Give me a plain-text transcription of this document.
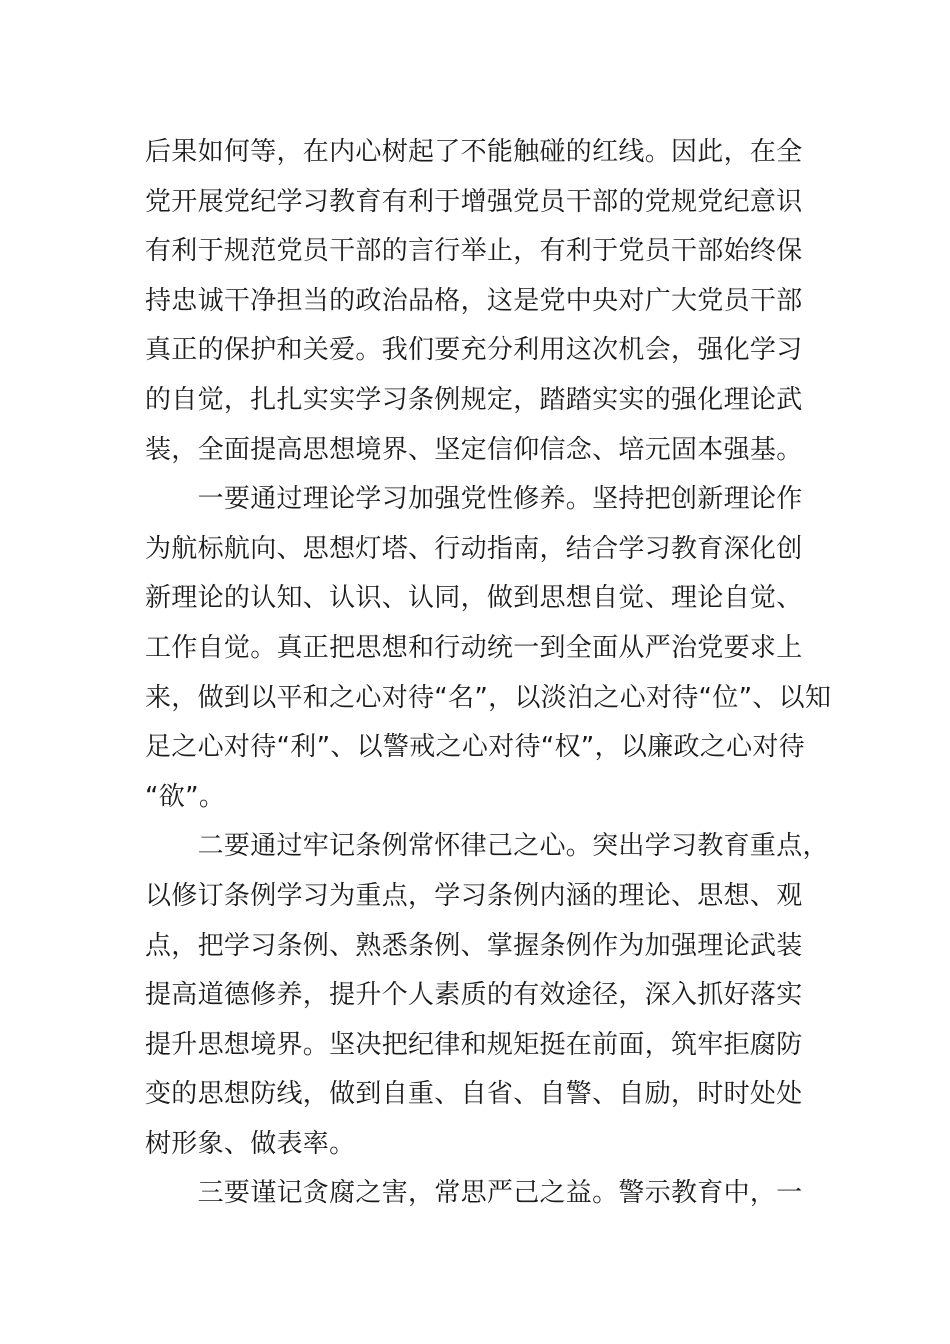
后果如何等，在内心树起了不能触碰的红线。因此，在全
党开展党纪学习教育有利于增强党员干部的党规党纪意识
有利于规范党员干部的言行举止，有利于党员干部始终保
持忠诚干净担当的政治品格，这是党中央对广大党员干部
真正的保护和关爱。我们要充分利用这次机会，强化学习
的自觉，扎扎实实学习条例规定，踏踏实实的强化理论武
装，全面提高思想境界、坚定信仰信念、培元固本强基。
　　一要通过理论学习加强党性修养。坚持把创新理论作
为航标航向、思想灯塔、行动指南，结合学习教育深化创
新理论的认知、认识、认同，做到思想自觉、理论自觉、
工作自觉。真正把思想和行动统一到全面从严治党要求上
来，做到以平和之心对待“名”，以淡泊之心对待“位”、以知
足之心对待“利”、以警戒之心对待“权”，以廉政之心对待
“欲”。
　　二要通过牢记条例常怀律己之心。突出学习教育重点，
以修订条例学习为重点，学习条例内涵的理论、思想、观
点，把学习条例、熟悉条例、掌握条例作为加强理论武装
提高道德修养，提升个人素质的有效途径，深入抓好落实
提升思想境界。坚决把纪律和规矩挺在前面，筑牢拒腐防
变的思想防线，做到自重、自省、自警、自励，时时处处
树形象、做表率。
　　三要谨记贪腐之害，常思严己之益。警示教育中，一
